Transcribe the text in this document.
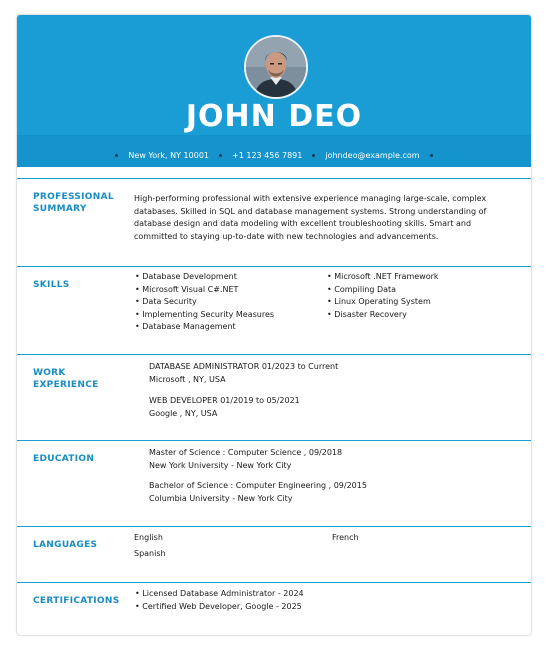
JOHN DEO
New York, NY 10001	+1 123 456 7891	johndeo@example.com
PROFESSIONAL
SUMMARY
High-performing professional with extensive experience managing large-scale, complex databases. Skilled in SQL and database management systems. Strong understanding of database design and data modeling with excellent troubleshooting skills. Smart and committed to staying up-to-date with new technologies and advancements.
SKILLS
• Database Development
• Microsoft Visual C#.NET
• Data Security
• Implementing Security Measures
• Database Management
• Microsoft .NET Framework
• Compiling Data
• Linux Operating System
• Disaster Recovery
WORK
EXPERIENCE
DATABASE ADMINISTRATOR 01/2023 to Current
Microsoft , NY, USA
WEB DEVELOPER 01/2019 to 05/2021
Google , NY, USA
EDUCATION
Master of Science : Computer Science , 09/2018
New York University - New York City
Bachelor of Science : Computer Engineering , 09/2015
Columbia University - New York City
LANGUAGES
English	French
Spanish
CERTIFICATIONS
• Licensed Database Administrator - 2024
• Certified Web Developer, Google - 2025
